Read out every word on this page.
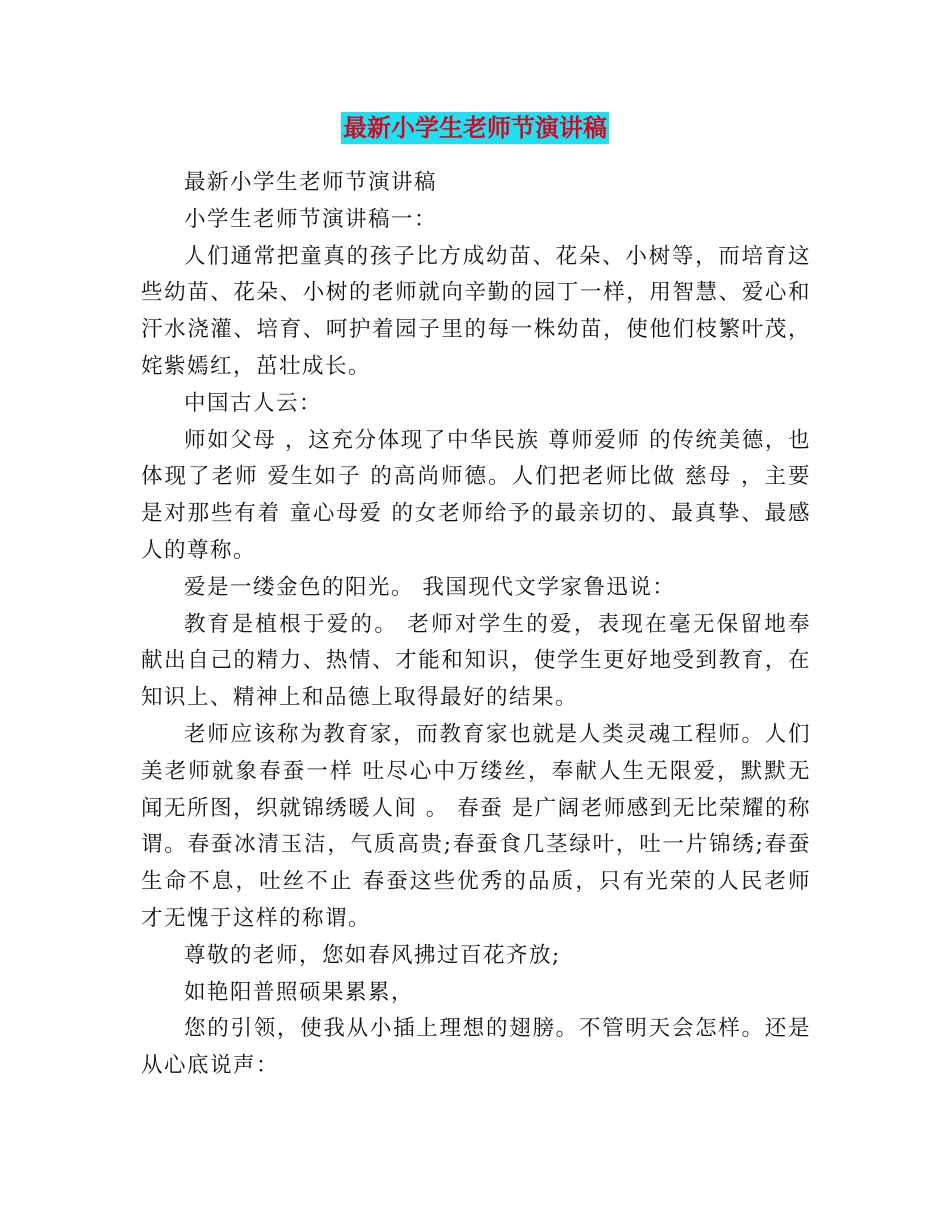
最新小学生老师节演讲稿

最新小学生老师节演讲稿

小学生老师节演讲稿一：

人们通常把童真的孩子比方成幼苗、花朵、小树等，而培育这些幼苗、花朵、小树的老师就向辛勤的园丁一样，用智慧、爱心和汗水浇灌、培育、呵护着园子里的每一株幼苗，使他们枝繁叶茂，姹紫嫣红，茁壮成长。

中国古人云：

师如父母 ，这充分体现了中华民族 尊师爱师 的传统美德，也体现了老师 爱生如子 的高尚师德。人们把老师比做 慈母 ，主要是对那些有着 童心母爱 的女老师给予的最亲切的、最真挚、最感人的尊称。

爱是一缕金色的阳光。 我国现代文学家鲁迅说：

教育是植根于爱的。 老师对学生的爱，表现在毫无保留地奉献出自己的精力、热情、才能和知识，使学生更好地受到教育，在知识上、精神上和品德上取得最好的结果。

老师应该称为教育家，而教育家也就是人类灵魂工程师。人们美老师就象春蚕一样 吐尽心中万缕丝，奉献人生无限爱，默默无闻无所图，织就锦绣暖人间 。 春蚕 是广阔老师感到无比荣耀的称谓。春蚕冰清玉洁，气质高贵;春蚕食几茎绿叶，吐一片锦绣;春蚕生命不息，吐丝不止 春蚕这些优秀的品质，只有光荣的人民老师才无愧于这样的称谓。

尊敬的老师，您如春风拂过百花齐放;

如艳阳普照硕果累累，

您的引领，使我从小插上理想的翅膀。不管明天会怎样。还是从心底说声：
